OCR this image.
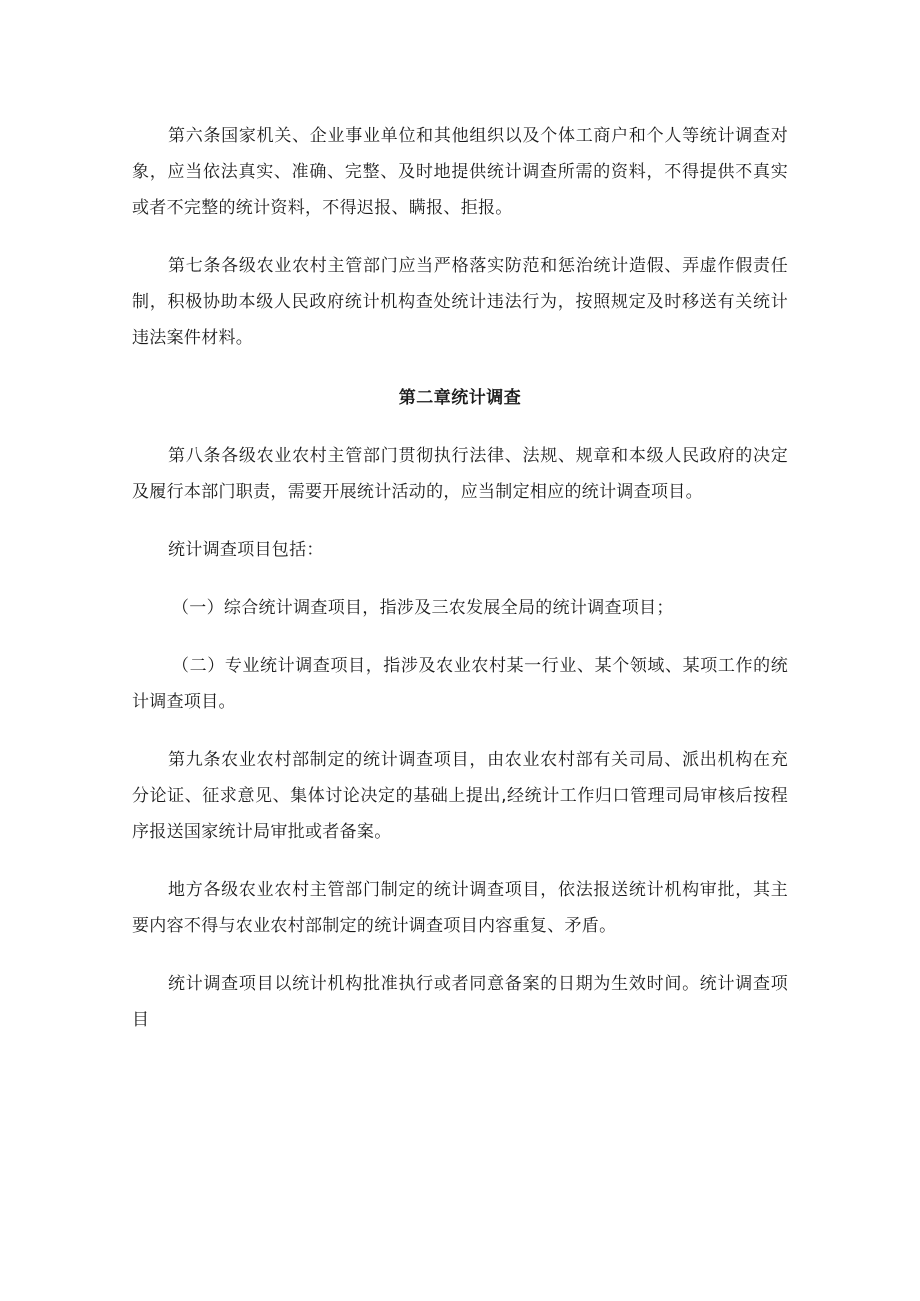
第六条国家机关、企业事业单位和其他组织以及个体工商户和个人等统计调查对象，应当依法真实、准确、完整、及时地提供统计调查所需的资料，不得提供不真实或者不完整的统计资料，不得迟报、瞒报、拒报。

第七条各级农业农村主管部门应当严格落实防范和惩治统计造假、弄虚作假责任制，积极协助本级人民政府统计机构查处统计违法行为，按照规定及时移送有关统计违法案件材料。

第二章统计调查

第八条各级农业农村主管部门贯彻执行法律、法规、规章和本级人民政府的决定及履行本部门职责，需要开展统计活动的，应当制定相应的统计调查项目。

统计调查项目包括：

（一）综合统计调查项目，指涉及三农发展全局的统计调查项目；

（二）专业统计调查项目，指涉及农业农村某一行业、某个领域、某项工作的统计调查项目。

第九条农业农村部制定的统计调查项目，由农业农村部有关司局、派出机构在充分论证、征求意见、集体讨论决定的基础上提出,经统计工作归口管理司局审核后按程序报送国家统计局审批或者备案。

地方各级农业农村主管部门制定的统计调查项目，依法报送统计机构审批，其主要内容不得与农业农村部制定的统计调查项目内容重复、矛盾。

统计调查项目以统计机构批准执行或者同意备案的日期为生效时间。统计调查项目
